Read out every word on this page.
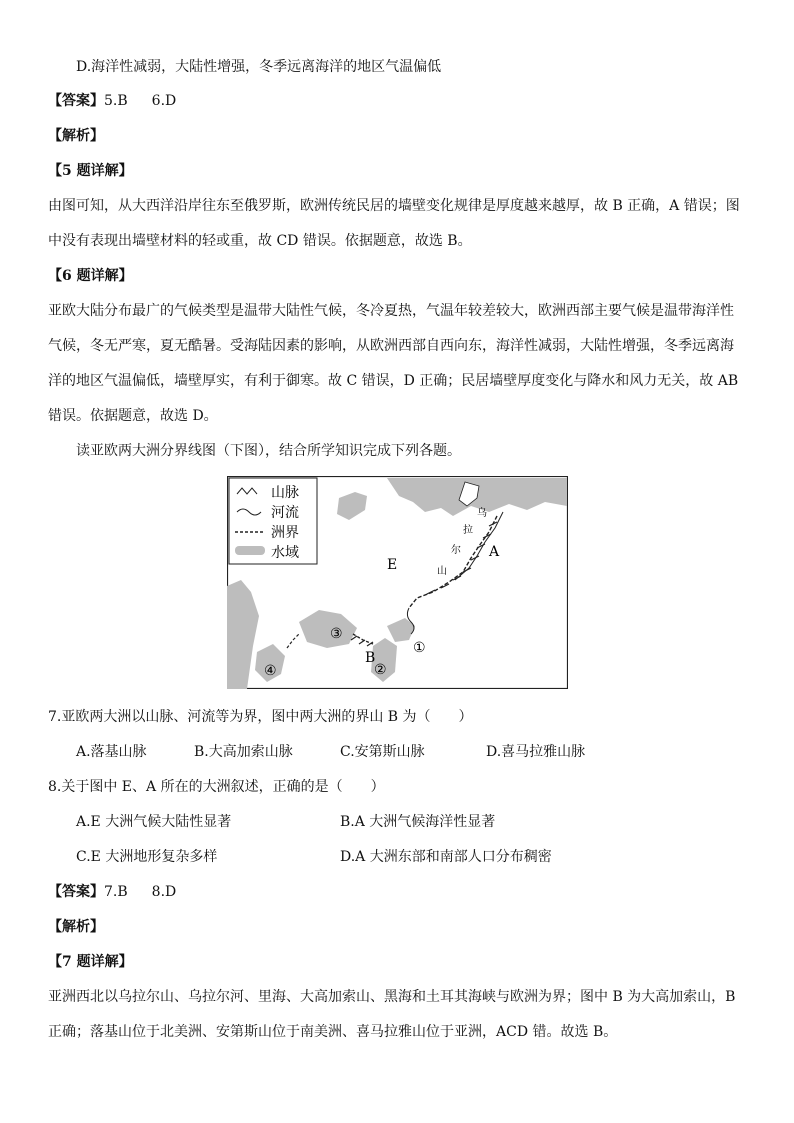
D.海洋性减弱，大陆性增强，冬季远离海洋的地区气温偏低
【答案】5.B 6.D
【解析】
【5 题详解】
由图可知，从大西洋沿岸往东至俄罗斯，欧洲传统民居的墙壁变化规律是厚度越来越厚，故 B 正确，A 错误；图
中没有表现出墙壁材料的轻或重，故 CD 错误。依据题意，故选 B。
【6 题详解】
亚欧大陆分布最广的气候类型是温带大陆性气候，冬冷夏热，气温年较差较大，欧洲西部主要气候是温带海洋性
气候，冬无严寒，夏无酷暑。受海陆因素的影响，从欧洲西部自西向东，海洋性减弱，大陆性增强，冬季远离海
洋的地区气温偏低，墙壁厚实，有利于御寒。故 C 错误，D 正确；民居墙壁厚度变化与降水和风力无关，故 AB
错误。依据题意，故选 D。
读亚欧两大洲分界线图（下图），结合所学知识完成下列各题。
山脉
河流
洲界
水域
E
A
B
乌
拉
尔
山
①
②
③
④
7.亚欧两大洲以山脉、河流等为界，图中两大洲的界山 B 为（　　）
A.落基山脉	B.大高加索山脉	C.安第斯山脉	D.喜马拉雅山脉
8.关于图中 E、A 所在的大洲叙述，正确的是（　　）
A.E 大洲气候大陆性显著	B.A 大洲气候海洋性显著
C.E 大洲地形复杂多样	D.A 大洲东部和南部人口分布稠密
【答案】7.B 8.D
【解析】
【7 题详解】
亚洲西北以乌拉尔山、乌拉尔河、里海、大高加索山、黑海和土耳其海峡与欧洲为界；图中 B 为大高加索山，B
正确；落基山位于北美洲、安第斯山位于南美洲、喜马拉雅山位于亚洲，ACD 错。故选 B。
